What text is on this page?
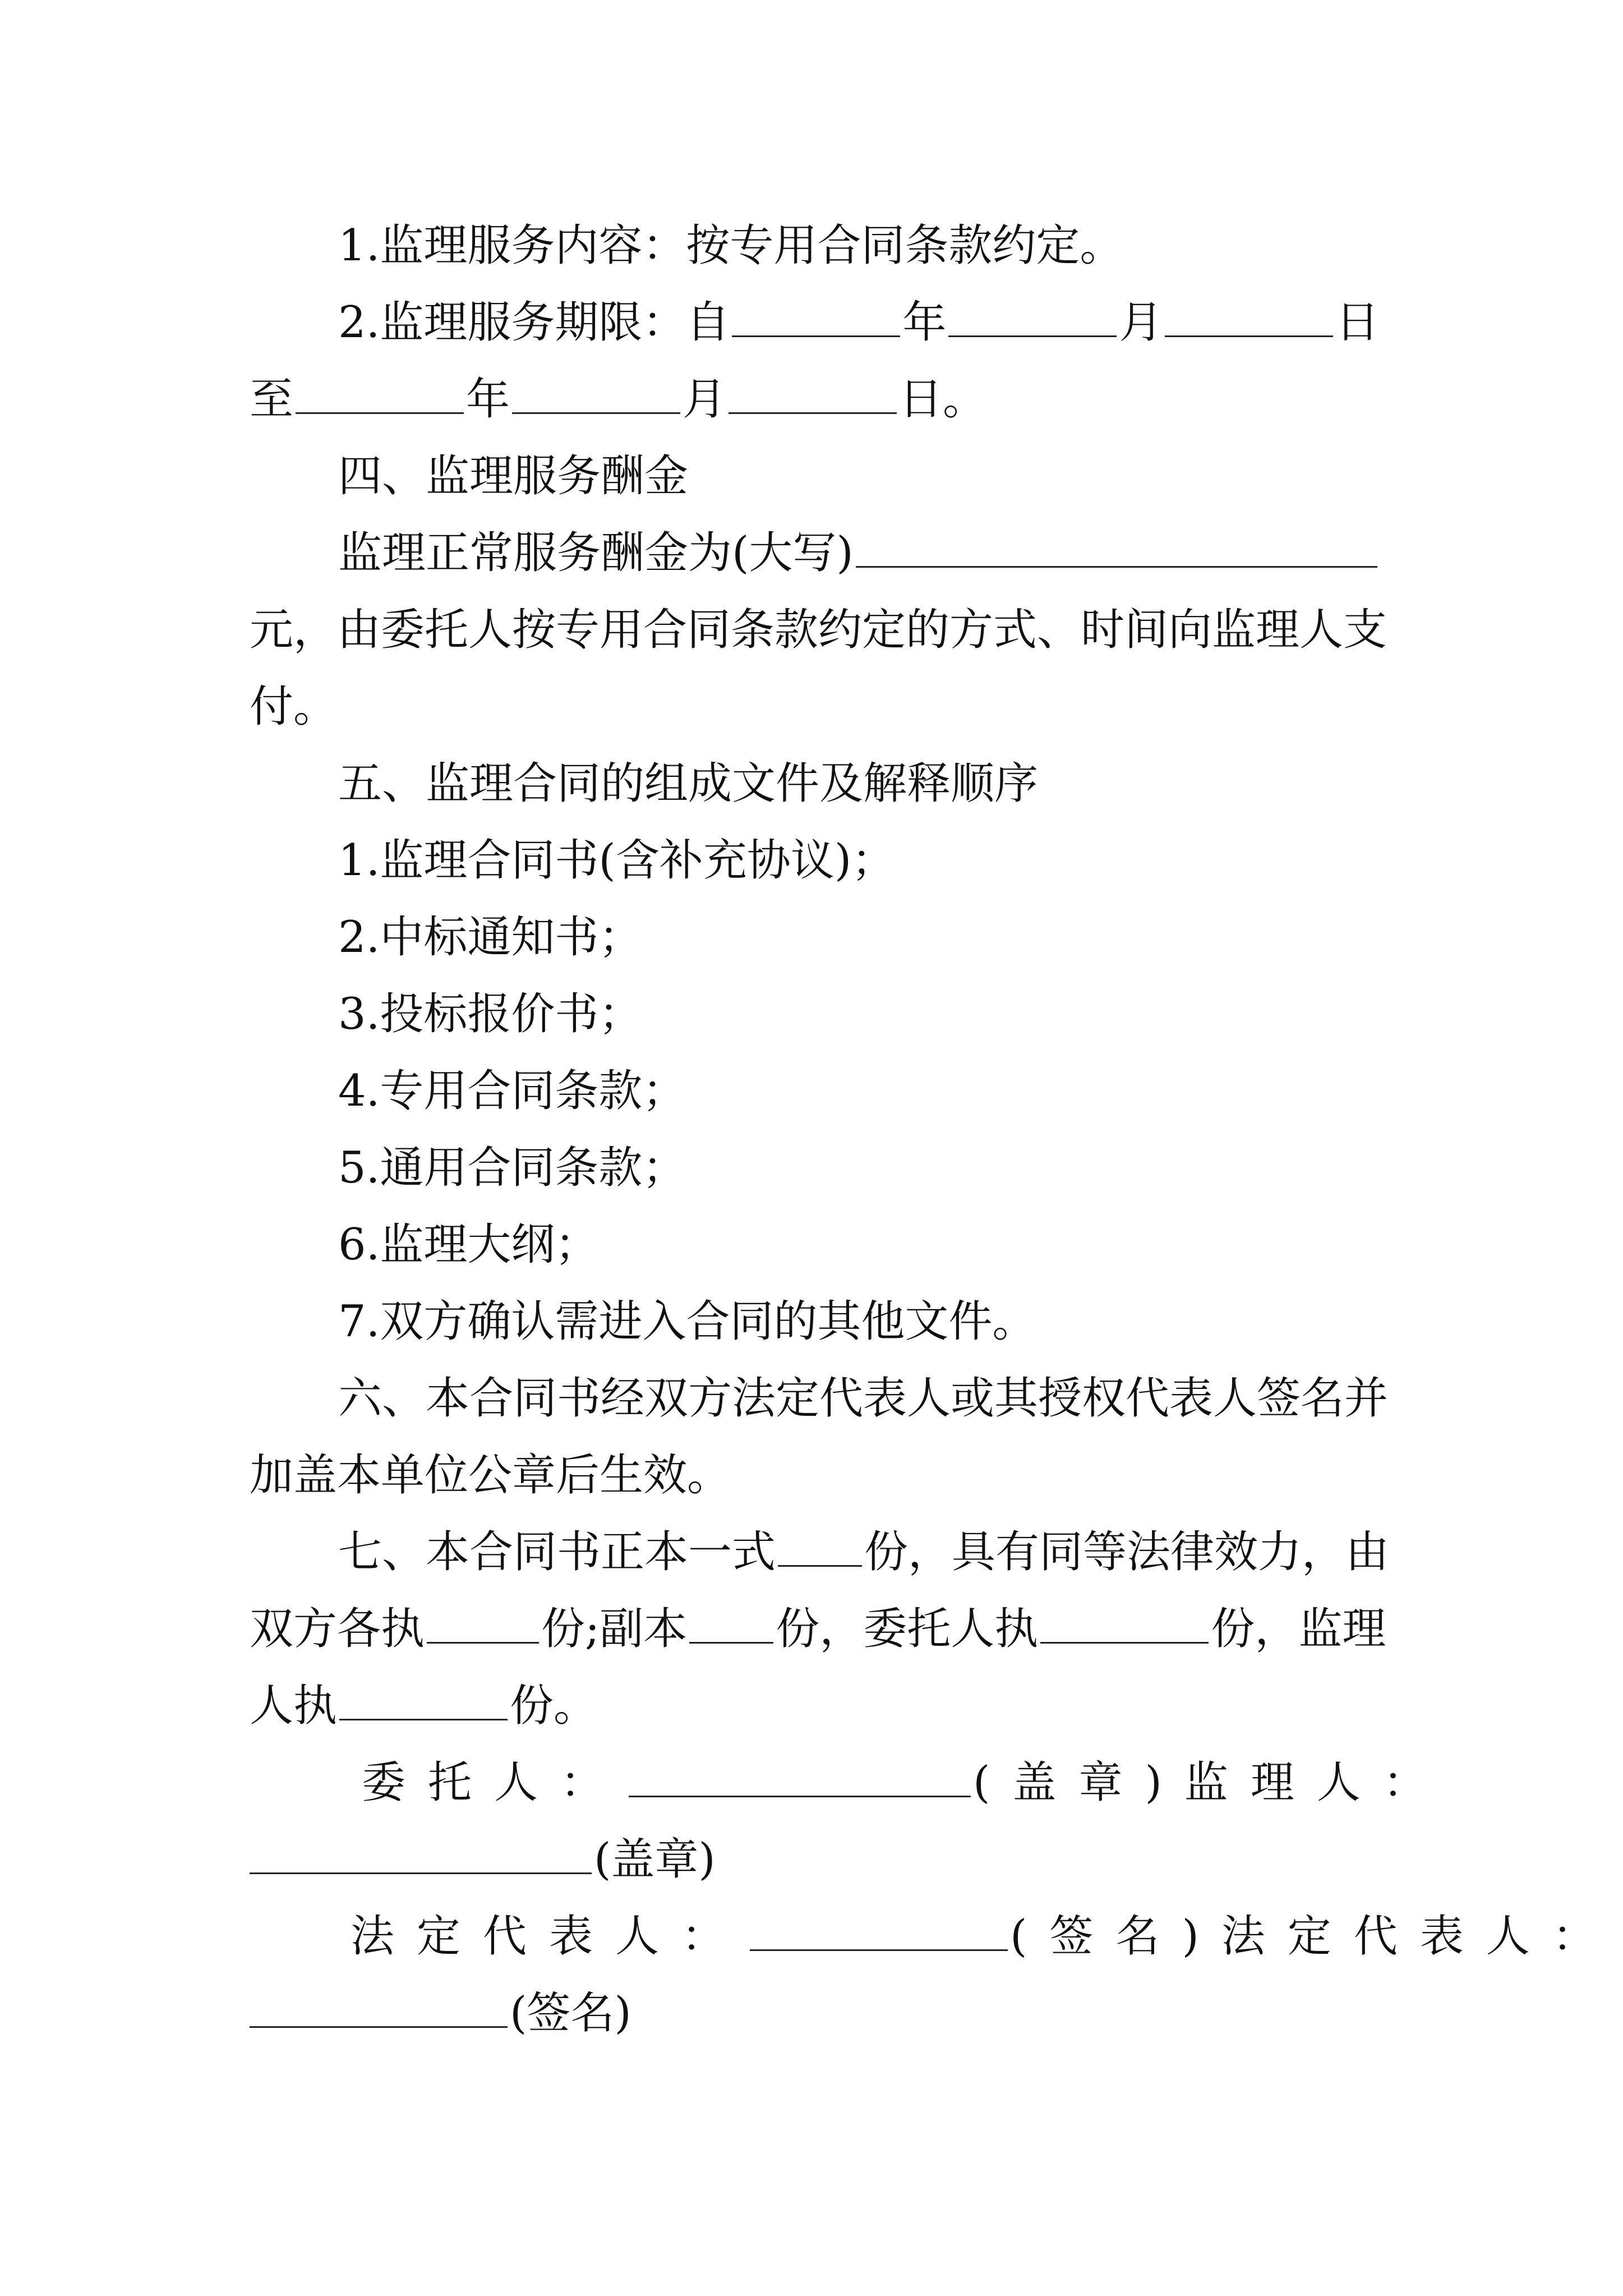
1.监理服务内容：按专用合同条款约定。
2.监理服务期限：自	年	月	日
至	年	月	日。
四、监理服务酬金
监理正常服务酬金为(大写)
元，由委托人按专用合同条款约定的方式、时间向监理人支
付。
五、监理合同的组成文件及解释顺序
1.监理合同书(含补充协议)；
2.中标通知书；
3.投标报价书；
4.专用合同条款；
5.通用合同条款；
6.监理大纲；
7.双方确认需进入合同的其他文件。
六、本合同书经双方法定代表人或其授权代表人签名并
加盖本单位公章后生效。
七、本合同书正本一式 份，具有同等法律效力，由
双方各执	份;副本 份，委托人执	份，监理
人执	份。
委托人：	(盖章)监理人：
(盖章)
法定代表人：	(签名)法定代表人：
(签名)
